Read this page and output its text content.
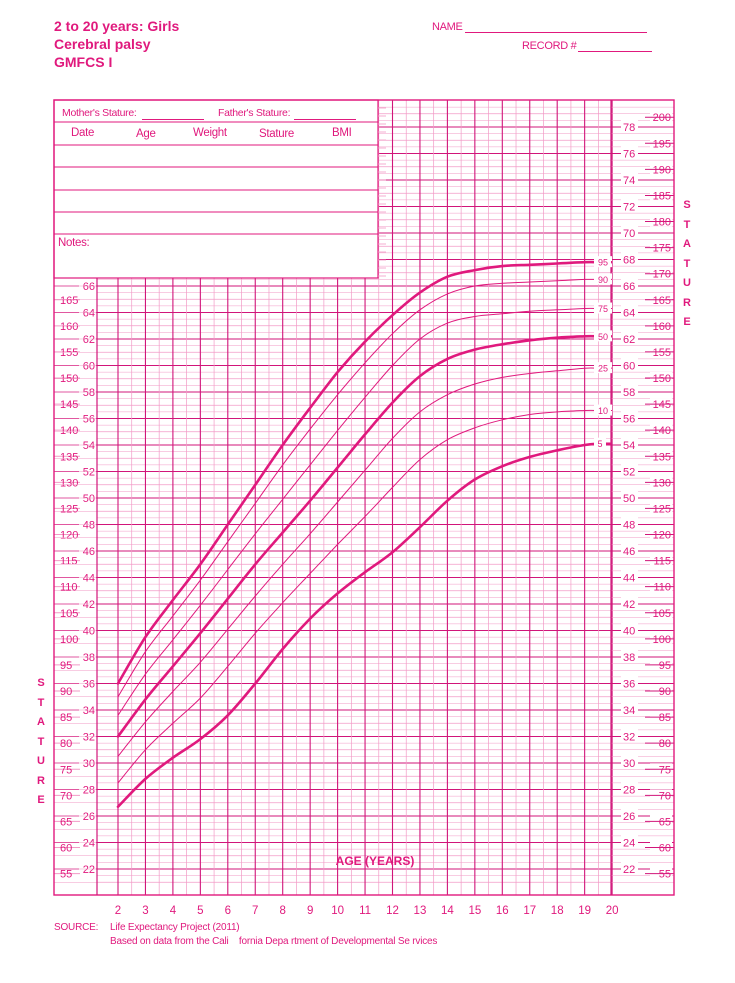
2 to 20 years: Girls
Cerebral palsy
GMFCS I
NAME
RECORD #
22
24
26
28
30
32
34
36
38
40
42
44
46
48
50
52
54
56
58
60
62
64
66
55
60
65
70
75
80
85
90
95
100
105
110
115
120
125
130
135
140
145
150
155
160
165
22
24
26
28
30
32
34
36
38
40
42
44
46
48
50
52
54
56
58
60
62
64
66
68
70
72
74
76
78
55
60
65
70
75
80
85
90
95
100
105
110
115
120
125
130
135
140
145
150
155
160
165
170
175
180
185
190
195
200
2 3 4 5 6 7 8 9 10 11 12 13 14 15 16 17 18 19 20
AGE (YEARS)
95
90
75
50
25
10
5
Mother's Stature:	Father's Stature:
Date	Age	Weight	Stature	BMI
Notes:
S
T
A
T
U
R
E
S
T
A
T
U
R
E
SOURCE: Life Expectancy Project (2011)
Based on data from the Cali    fornia Depa rtment of Developmental Se rvices
